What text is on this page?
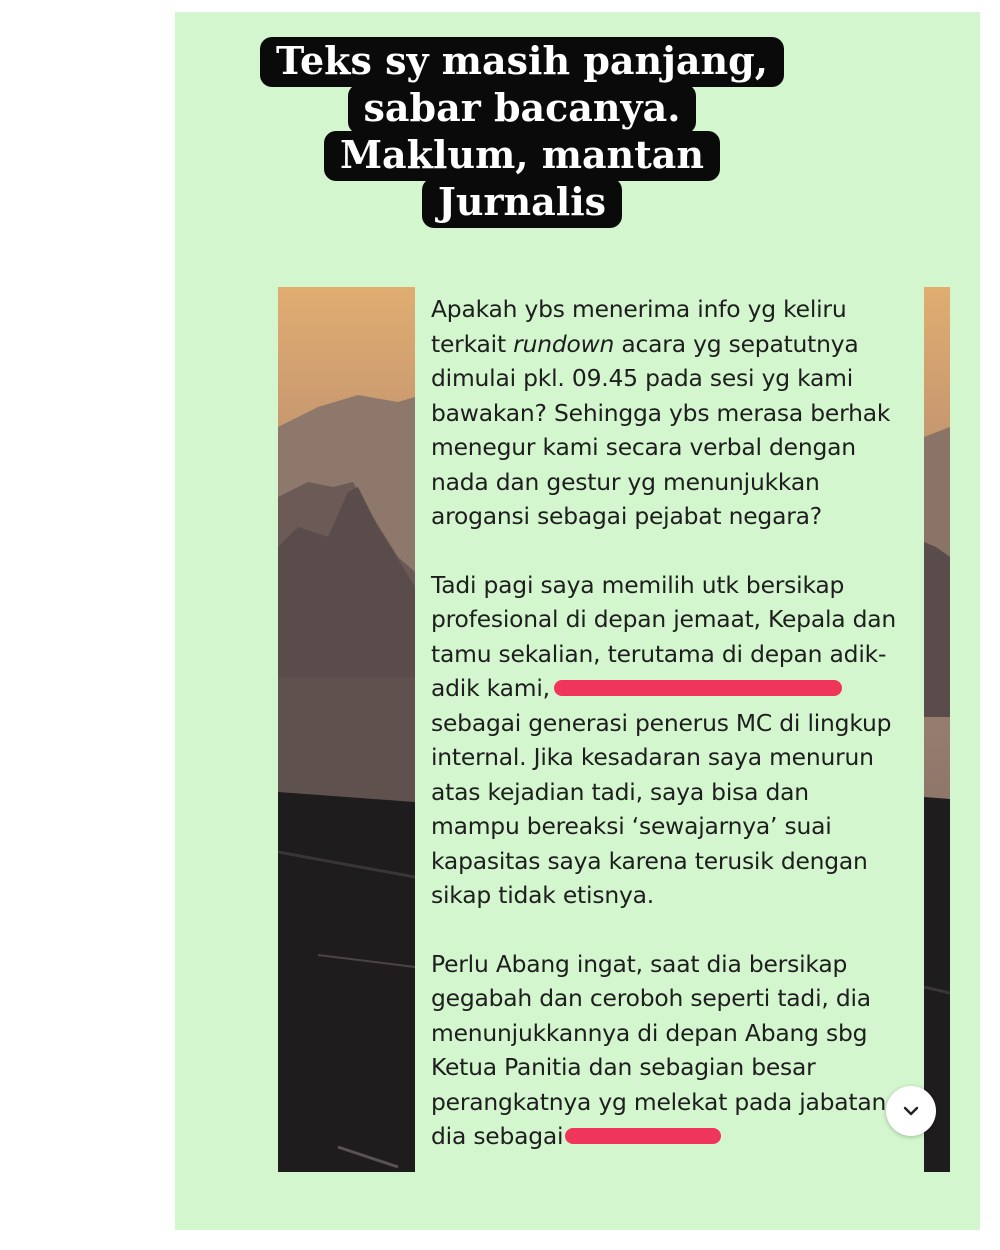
Teks sy masih panjang,
sabar bacanya.
Maklum, mantan
Jurnalis

Apakah ybs menerima info yg keliru
terkait rundown acara yg sepatutnya
dimulai pkl. 09.45 pada sesi yg kami
bawakan? Sehingga ybs merasa berhak
menegur kami secara verbal dengan
nada dan gestur yg menunjukkan
arogansi sebagai pejabat negara?

Tadi pagi saya memilih utk bersikap
profesional di depan jemaat, Kepala dan
tamu sekalian, terutama di depan adik-
adik kami,
sebagai generasi penerus MC di lingkup
internal. Jika kesadaran saya menurun
atas kejadian tadi, saya bisa dan
mampu bereaksi ‘sewajarnya’ suai
kapasitas saya karena terusik dengan
sikap tidak etisnya.

Perlu Abang ingat, saat dia bersikap
gegabah dan ceroboh seperti tadi, dia
menunjukkannya di depan Abang sbg
Ketua Panitia dan sebagian besar
perangkatnya yg melekat pada jabatan
dia sebagai
